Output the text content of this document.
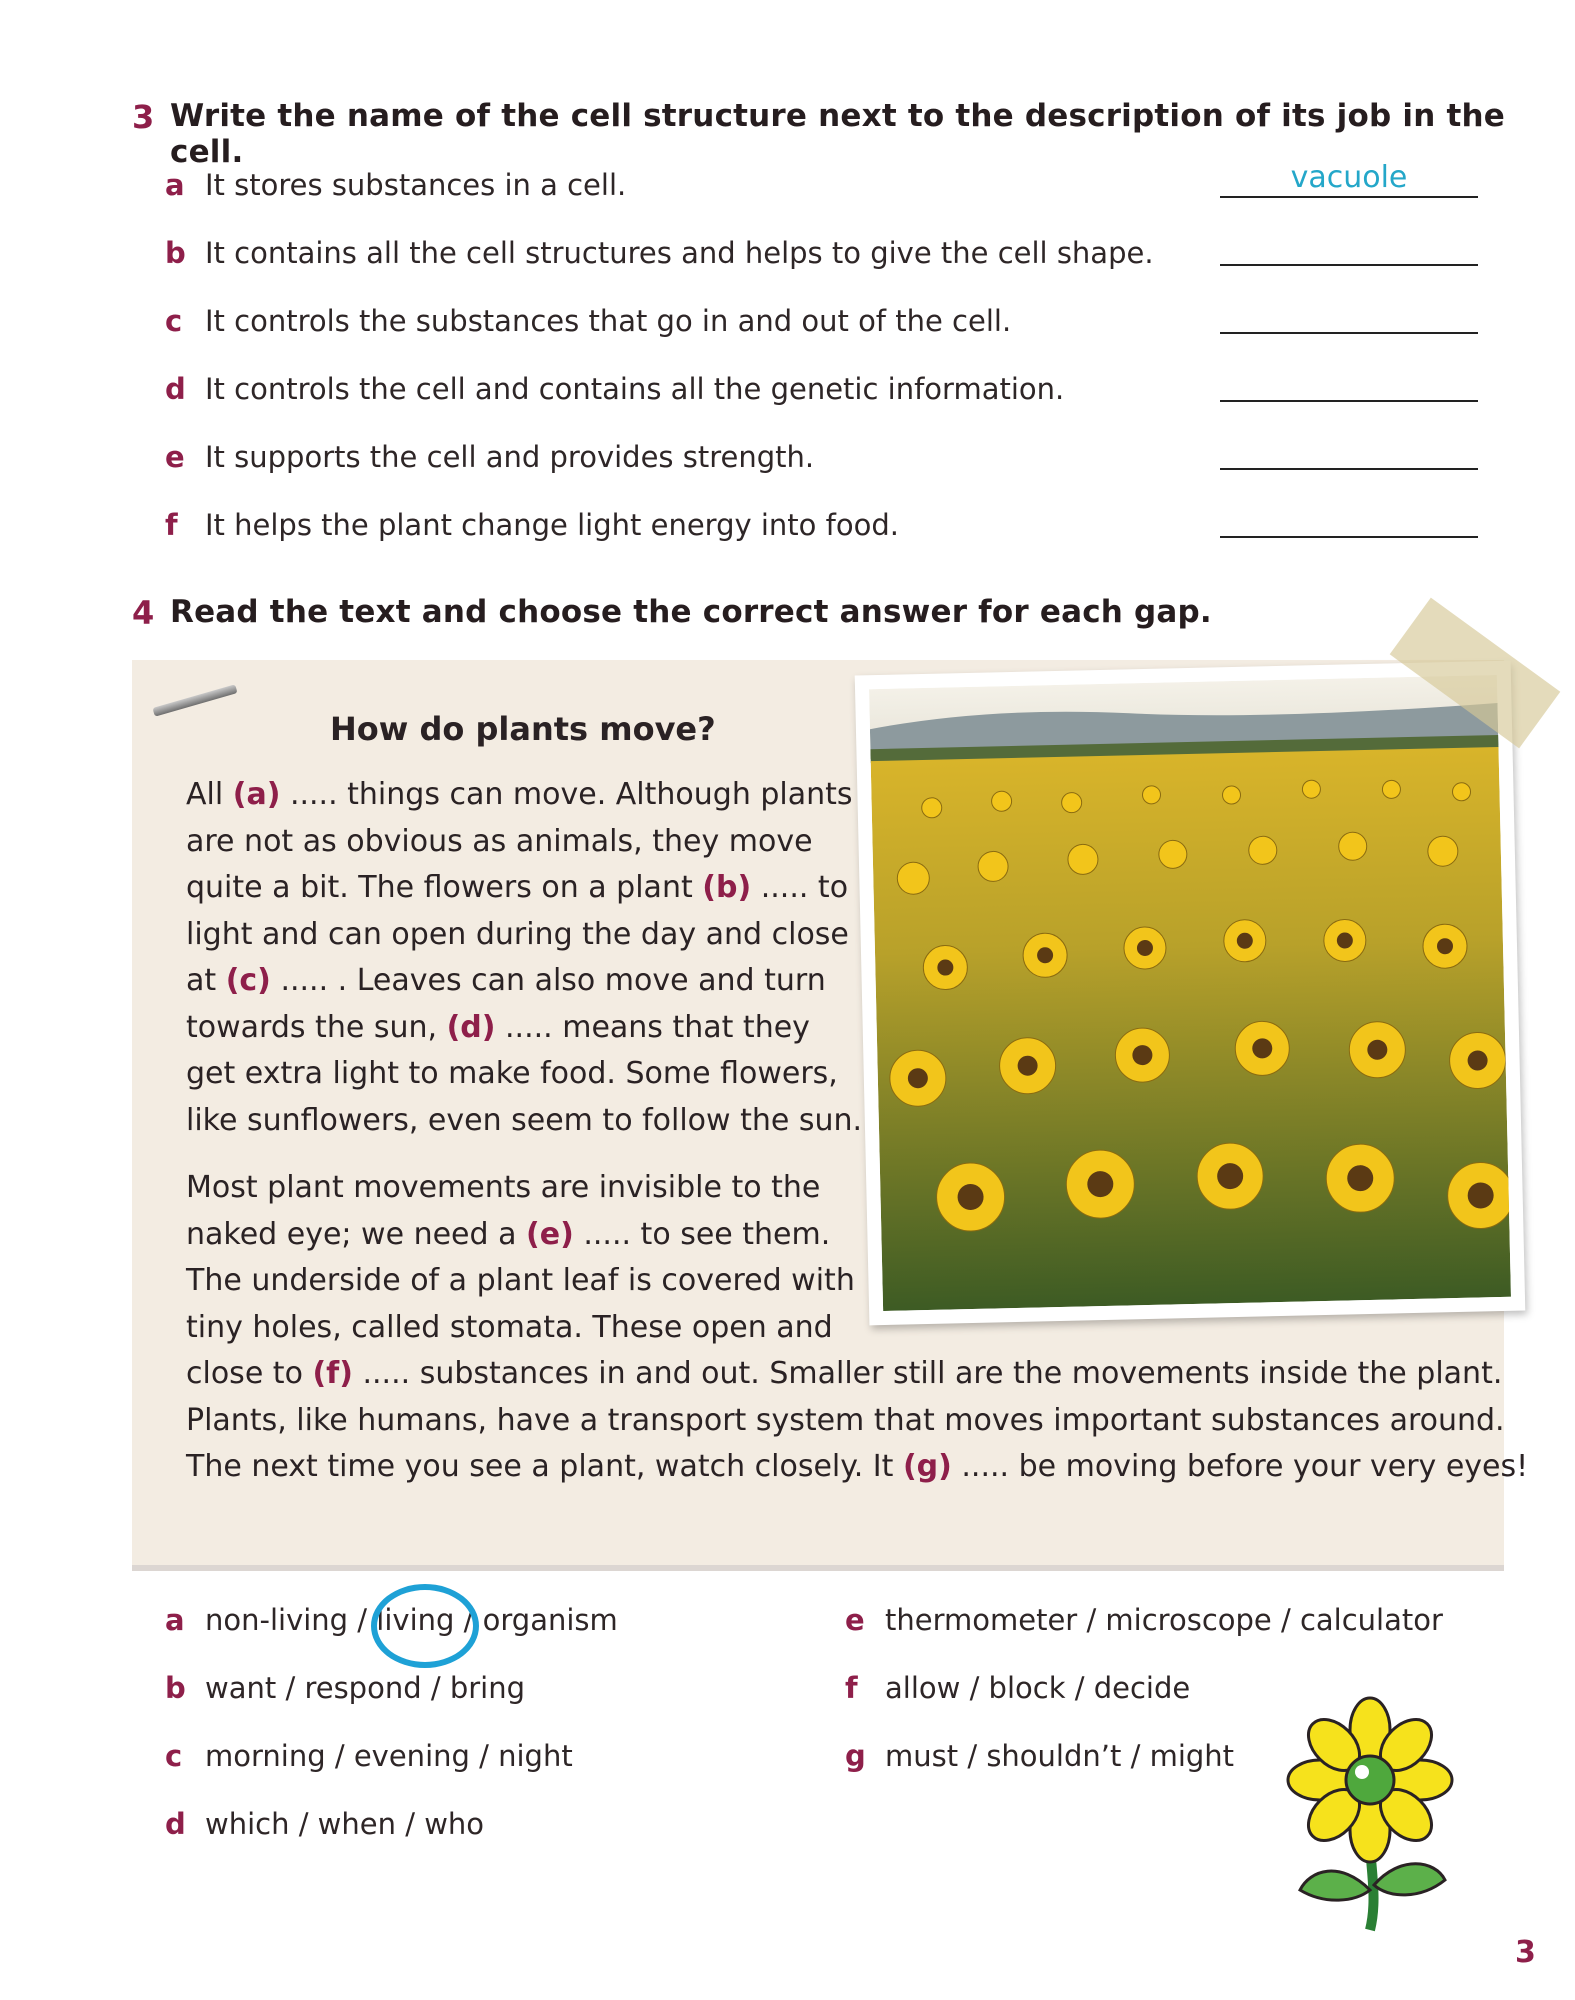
3 Write the name of the cell structure next to the description of its job in the cell.
a It stores substances in a cell.
b It contains all the cell structures and helps to give the cell shape.
c It controls the substances that go in and out of the cell.
d It controls the cell and contains all the genetic information.
e It supports the cell and provides strength.
f It helps the plant change light energy into food.
vacuole
4 Read the text and choose the correct answer for each gap.
How do plants move?
All (a) ..... things can move. Although plants
are not as obvious as animals, they move
quite a bit. The flowers on a plant (b) ..... to
light and can open during the day and close
at (c) ..... . Leaves can also move and turn
towards the sun, (d) ..... means that they
get extra light to make food. Some flowers,
like sunflowers, even seem to follow the sun.
Most plant movements are invisible to the
naked eye; we need a (e) ..... to see them.
The underside of a plant leaf is covered with
tiny holes, called stomata. These open and
close to (f) ..... substances in and out. Smaller still are the movements inside the plant.
Plants, like humans, have a transport system that moves important substances around.
The next time you see a plant, watch closely. It (g) ..... be moving before your very eyes!
a non-living / living / organism
b want / respond / bring
c morning / evening / night
d which / when / who
e thermometer / microscope / calculator
f allow / block / decide
g must / shouldn’t / might
3
